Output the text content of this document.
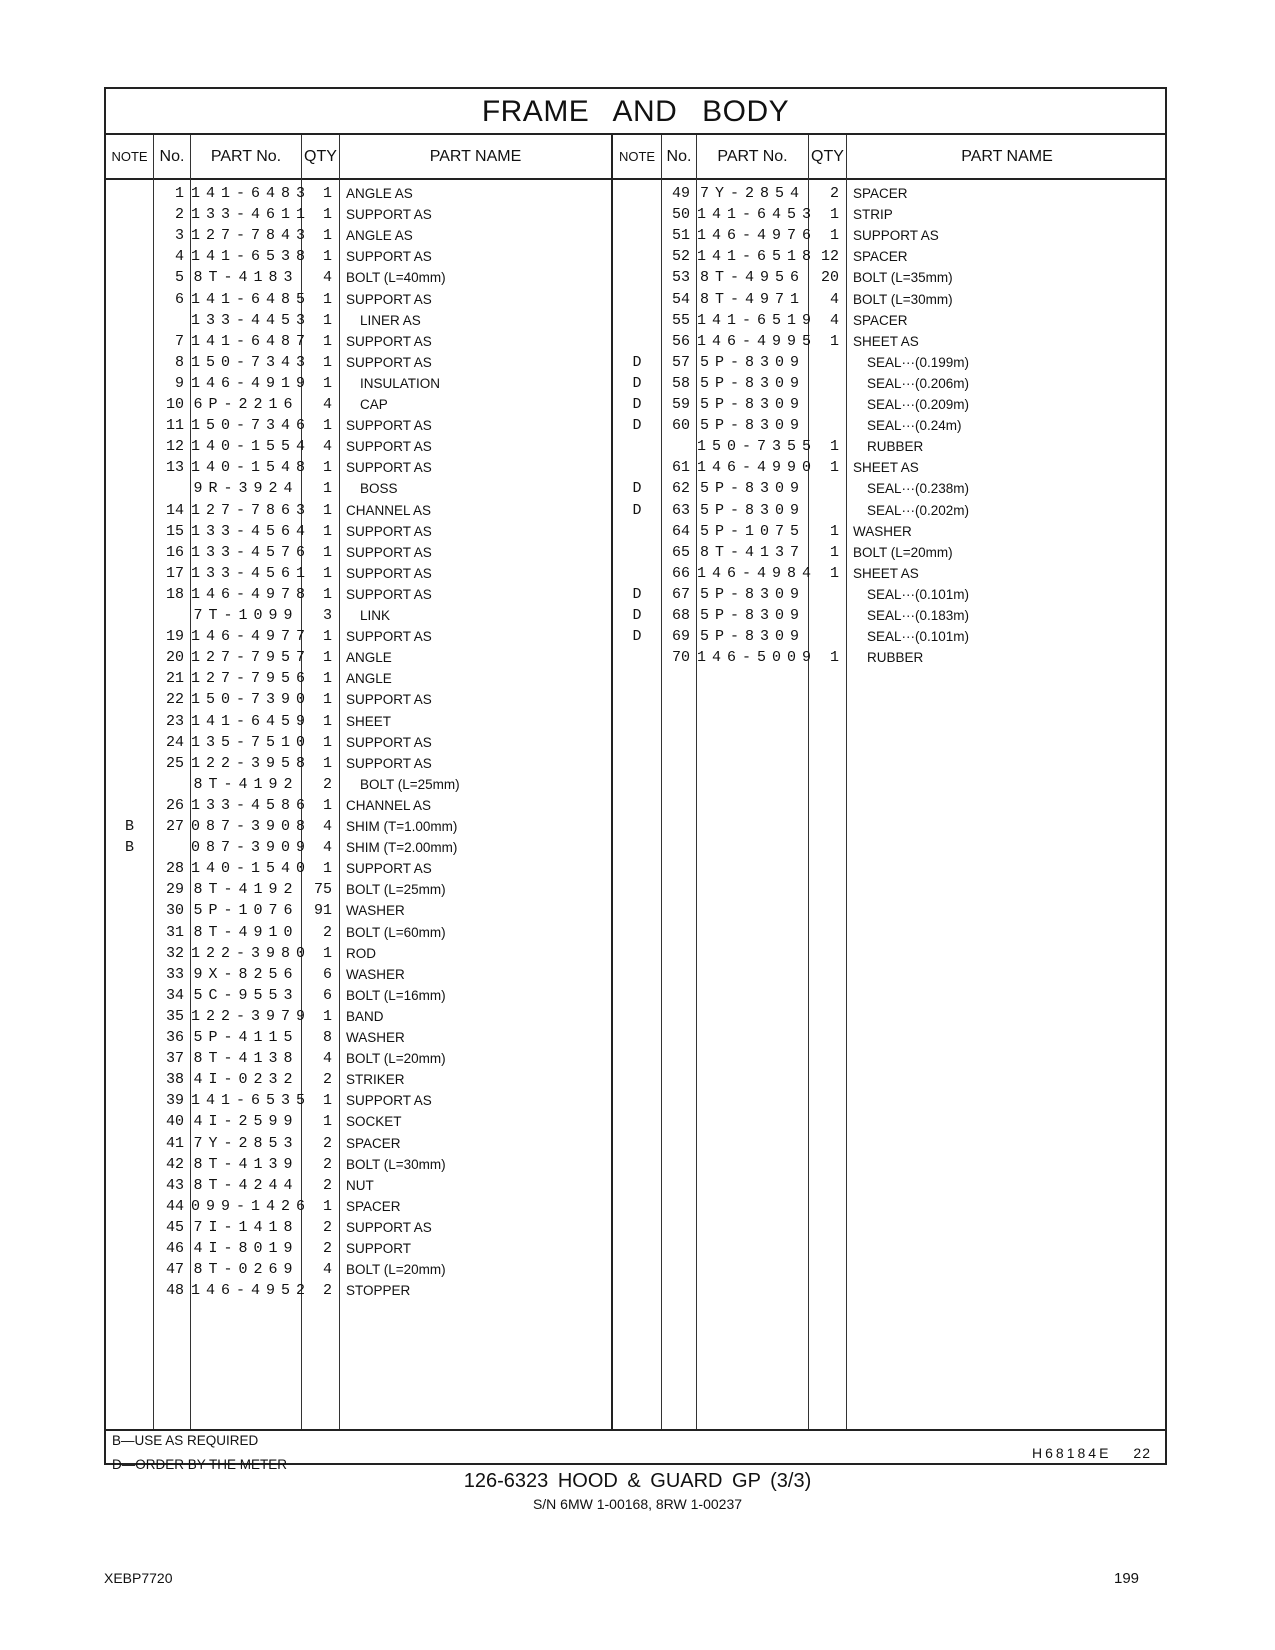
FRAME AND BODY
NOTE No.	PART No.	QTY	PART NAME	NOTE No.	PART No.	QTY	PART NAME
1 141-6483 1 ANGLE AS
2 133-4611 1 SUPPORT AS
3 127-7843 1 ANGLE AS
4 141-6538 1 SUPPORT AS
5 8T-4183	4 BOLT (L=40mm)
6 141-6485 1 SUPPORT AS
133-4453 1	LINER AS
7 141-6487 1 SUPPORT AS
8 150-7343 1 SUPPORT AS
9 146-4919 1	INSULATION
10 6P-2216	4	CAP
11 150-7346 1 SUPPORT AS
12 140-1554 4 SUPPORT AS
13 140-1548 1 SUPPORT AS
9R-3924	1	BOSS
14 127-7863 1 CHANNEL AS
15 133-4564 1 SUPPORT AS
16 133-4576 1 SUPPORT AS
17 133-4561 1 SUPPORT AS
18 146-4978 1 SUPPORT AS
7T-1099	3	LINK
19 146-4977 1 SUPPORT AS
20 127-7957 1 ANGLE
21 127-7956 1 ANGLE
22 150-7390 1 SUPPORT AS
23 141-6459 1 SHEET
24 135-7510 1 SUPPORT AS
25 122-3958 1 SUPPORT AS
8T-4192	2	BOLT (L=25mm)
26 133-4586 1 CHANNEL AS
B	27 087-3908 4 SHIM (T=1.00mm)
B	087-3909 4 SHIM (T=2.00mm)
28 140-1540 1 SUPPORT AS
29 8T-4192	75 BOLT (L=25mm)
30 5P-1076	91 WASHER
31 8T-4910	2 BOLT (L=60mm)
32 122-3980 1 ROD
33 9X-8256	6 WASHER
34 5C-9553	6 BOLT (L=16mm)
35 122-3979 1 BAND
36 5P-4115	8 WASHER
37 8T-4138	4 BOLT (L=20mm)
38 4I-0232	2 STRIKER
39 141-6535 1 SUPPORT AS
40 4I-2599	1 SOCKET
41 7Y-2853	2 SPACER
42 8T-4139	2 BOLT (L=30mm)
43 8T-4244	2 NUT
44 099-1426 1 SPACER
45 7I-1418	2 SUPPORT AS
46 4I-8019	2 SUPPORT
47 8T-0269	4 BOLT (L=20mm)
48 146-4952 2 STOPPER
49 7Y-2854	2 SPACER
50 141-6453 1 STRIP
51 146-4976 1 SUPPORT AS
52 141-6518 12 SPACER
53 8T-4956	20 BOLT (L=35mm)
54 8T-4971	4 BOLT (L=30mm)
55 141-6519 4 SPACER
56 146-4995 1 SHEET AS
D	57 5P-8309	SEAL···(0.199m)
D	58 5P-8309	SEAL···(0.206m)
D	59 5P-8309	SEAL···(0.209m)
D	60 5P-8309	SEAL···(0.24m)
150-7355 1	RUBBER
61 146-4990 1 SHEET AS
D	62 5P-8309	SEAL···(0.238m)
D	63 5P-8309	SEAL···(0.202m)
64 5P-1075	1 WASHER
65 8T-4137	1 BOLT (L=20mm)
66 146-4984 1 SHEET AS
D	67 5P-8309	SEAL···(0.101m)
D	68 5P-8309	SEAL···(0.183m)
D	69 5P-8309	SEAL···(0.101m)
70 146-5009 1	RUBBER
B—USE AS REQUIRED
D—ORDER BY THE METER
H68184E 22
126-6323 HOOD & GUARD GP (3/3)
S/N 6MW 1-00168, 8RW 1-00237
XEBP7720	199
